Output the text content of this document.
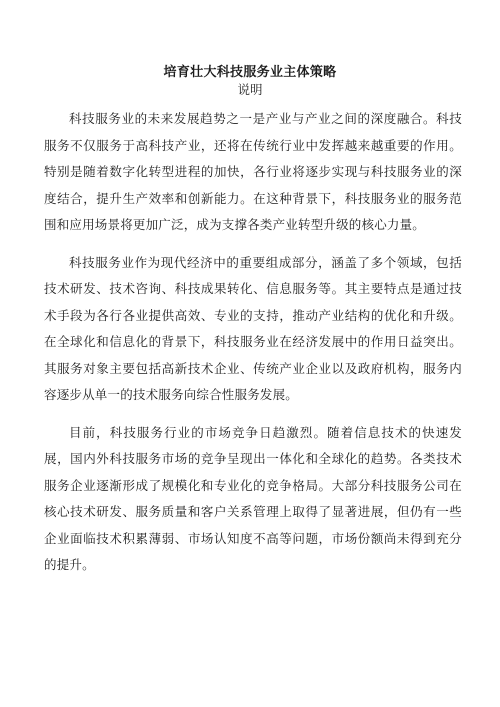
培育壮大科技服务业主体策略
说明

科技服务业的未来发展趋势之一是产业与产业之间的深度融合。科技服务不仅服务于高科技产业，还将在传统行业中发挥越来越重要的作用。特别是随着数字化转型进程的加快，各行业将逐步实现与科技服务业的深度结合，提升生产效率和创新能力。在这种背景下，科技服务业的服务范围和应用场景将更加广泛，成为支撑各类产业转型升级的核心力量。

科技服务业作为现代经济中的重要组成部分，涵盖了多个领域，包括技术研发、技术咨询、科技成果转化、信息服务等。其主要特点是通过技术手段为各行各业提供高效、专业的支持，推动产业结构的优化和升级。在全球化和信息化的背景下，科技服务业在经济发展中的作用日益突出。其服务对象主要包括高新技术企业、传统产业企业以及政府机构，服务内容逐步从单一的技术服务向综合性服务发展。

目前，科技服务行业的市场竞争日趋激烈。随着信息技术的快速发展，国内外科技服务市场的竞争呈现出一体化和全球化的趋势。各类技术服务企业逐渐形成了规模化和专业化的竞争格局。大部分科技服务公司在核心技术研发、服务质量和客户关系管理上取得了显著进展，但仍有一些企业面临技术积累薄弱、市场认知度不高等问题，市场份额尚未得到充分的提升。
